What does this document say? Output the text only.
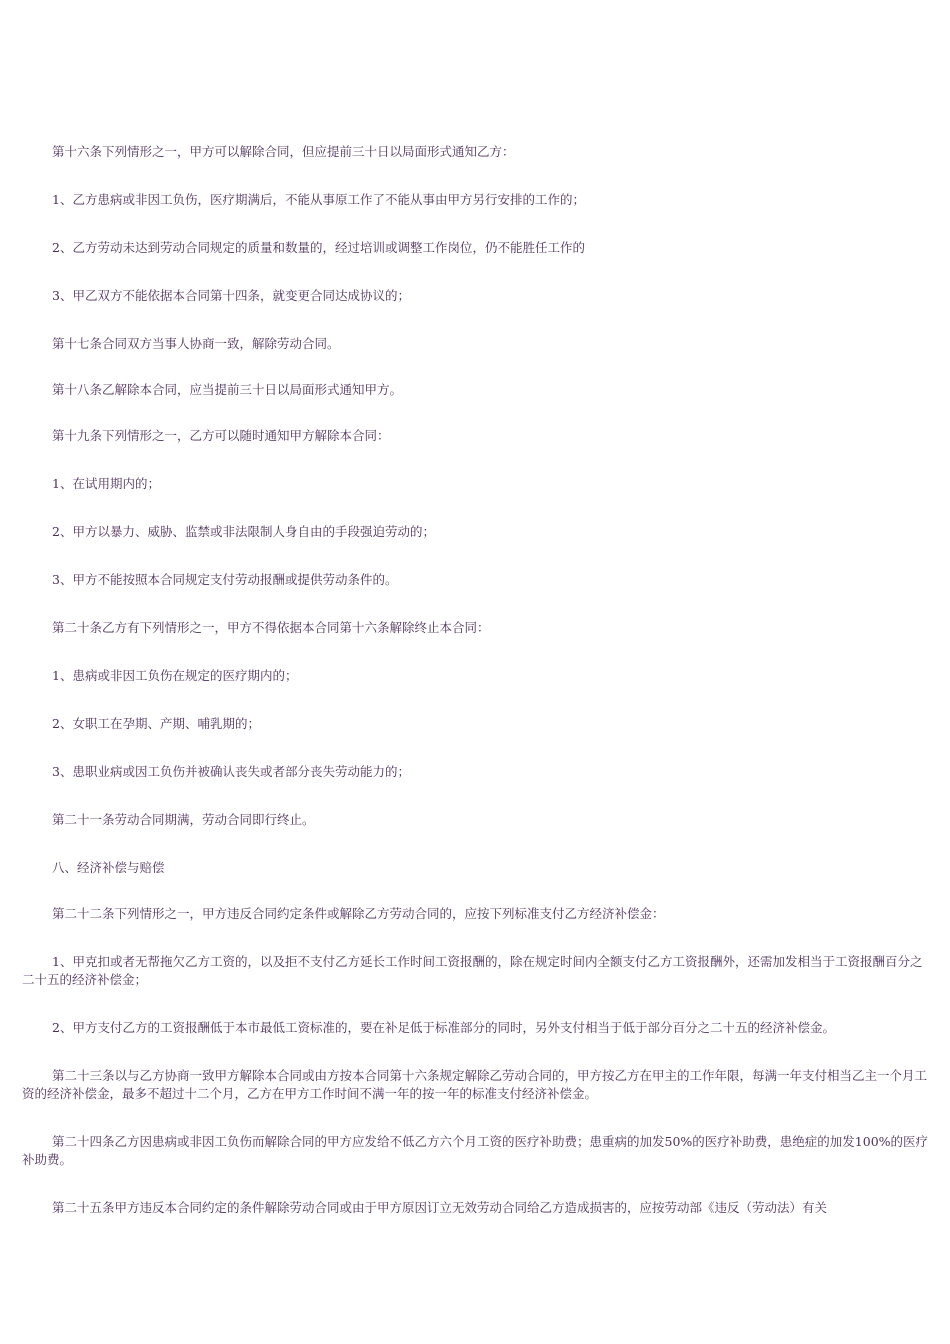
第十六条下列情形之一，甲方可以解除合同，但应提前三十日以局面形式通知乙方：

1、乙方患病或非因工负伤，医疗期满后，不能从事原工作了不能从事由甲方另行安排的工作的；

2、乙方劳动未达到劳动合同规定的质量和数量的，经过培训或调整工作岗位，仍不能胜任工作的

3、甲乙双方不能依据本合同第十四条，就变更合同达成协议的；

第十七条合同双方当事人协商一致，解除劳动合同。

第十八条乙解除本合同，应当提前三十日以局面形式通知甲方。

第十九条下列情形之一，乙方可以随时通知甲方解除本合同：

1、在试用期内的；

2、甲方以暴力、威胁、监禁或非法限制人身自由的手段强迫劳动的；

3、甲方不能按照本合同规定支付劳动报酬或提供劳动条件的。

第二十条乙方有下列情形之一，甲方不得依据本合同第十六条解除终止本合同：

1、患病或非因工负伤在规定的医疗期内的；

2、女职工在孕期、产期、哺乳期的；

3、患职业病或因工负伤并被确认丧失或者部分丧失劳动能力的；

第二十一条劳动合同期满，劳动合同即行终止。

八、经济补偿与赔偿

第二十二条下列情形之一，甲方违反合同约定条件或解除乙方劳动合同的，应按下列标准支付乙方经济补偿金：

1、甲克扣或者无帮拖欠乙方工资的，以及拒不支付乙方延长工作时间工资报酬的，除在规定时间内全额支付乙方工资报酬外，还需加发相当于工资报酬百分之二十五的经济补偿金；

2、甲方支付乙方的工资报酬低于本市最低工资标准的，要在补足低于标准部分的同时，另外支付相当于低于部分百分之二十五的经济补偿金。

第二十三条以与乙方协商一致甲方解除本合同或由方按本合同第十六条规定解除乙劳动合同的，甲方按乙方在甲主的工作年限，每满一年支付相当乙主一个月工资的经济补偿金，最多不超过十二个月，乙方在甲方工作时间不满一年的按一年的标准支付经济补偿金。

第二十四条乙方因患病或非因工负伤而解除合同的甲方应发给不低乙方六个月工资的医疗补助费；患重病的加发50%的医疗补助费，患绝症的加发100%的医疗补助费。

第二十五条甲方违反本合同约定的条件解除劳动合同或由于甲方原因订立无效劳动合同给乙方造成损害的，应按劳动部《违反（劳动法）有关
